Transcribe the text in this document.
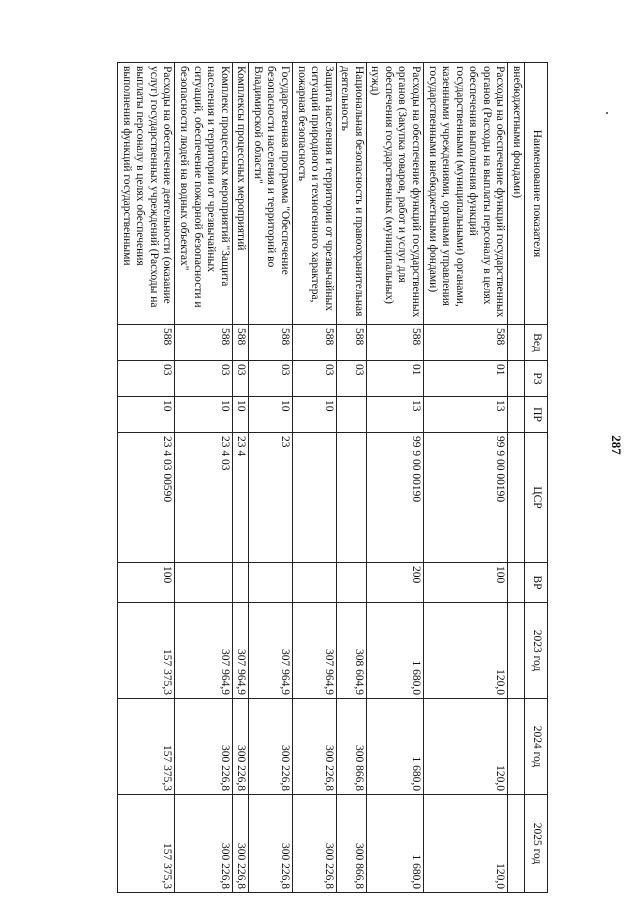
287
Наименование показателя	Вед	РЗ	ПР	ЦСР	ВР	2023 год	2024 год	2025 год
внебюджетными фондами)								
Расходы на обеспечение функций государственных органов (Расходы на выплаты персоналу в целях обеспечения выполнения функций государственными (муниципальными) органами, казенными учреждениями, органами управления государственными внебюджетными фондами)	588	01	13	99 9 00 00190	100	120,0	120,0	120,0
Расходы на обеспечение функций государственных органов (Закупка товаров, работ и услуг для обеспечения государственных (муниципальных) нужд)	588	01	13	99 9 00 00190	200	1 680,0	1 680,0	1 680,0
Национальная безопасность и правоохранительная деятельность	588	03				308 604,9	300 866,8	300 866,8
Защита населения и территории от чрезвычайных ситуаций природного и техногенного характера, пожарная безопасность	588	03	10			307 964,9	300 226,8	300 226,8
Государственная программа "Обеспечение безопасности населения и территорий во Владимирской области"	588	03	10	23		307 964,9	300 226,8	300 226,8
Комплексы процессных мероприятий	588	03	10	23 4		307 964,9	300 226,8	300 226,8
Комплекс процессных мероприятий "Защита населения и территории от чрезвычайных ситуаций, обеспечение пожарной безопасности и безопасности людей на водных объектах"	588	03	10	23 4 03		307 964,9	300 226,8	300 226,8
Расходы на обеспечение деятельности (оказание услуг) государственных учреждений (Расходы на выплаты персоналу в целях обеспечения выполнения функций государственными	588	03	10	23 4 03 00590	100	157 375,3	157 375,3	157 375,3
